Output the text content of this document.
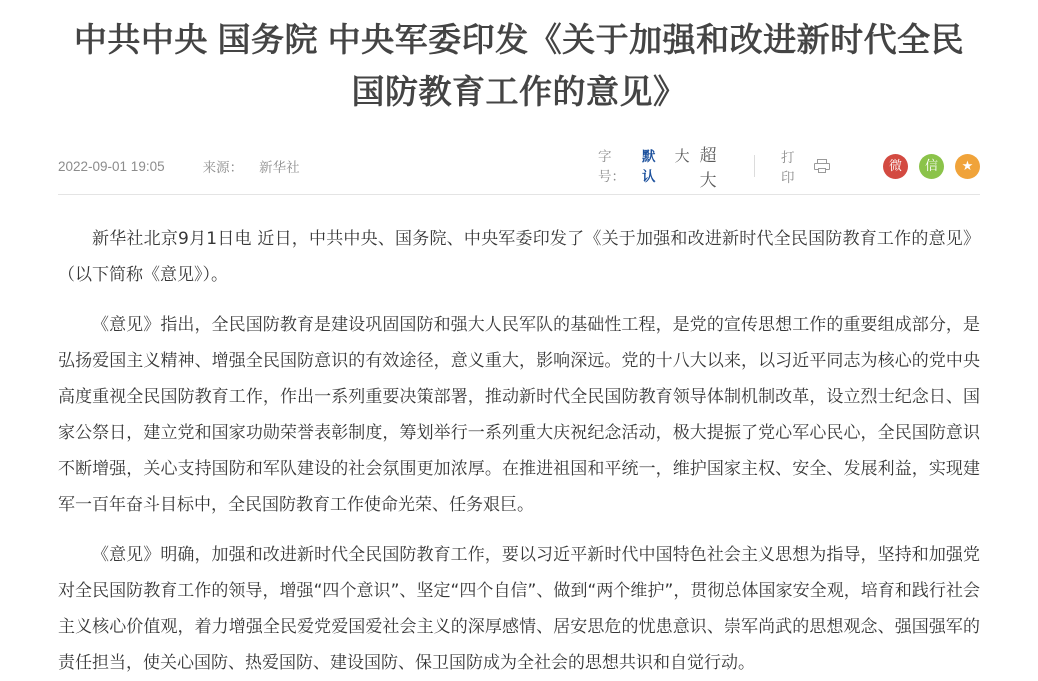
中共中央 国务院 中央军委印发《关于加强和改进新时代全民国防教育工作的意见》
2022-09-01 19:05	来源： 新华社
字号：
默认
大 超大
打印
微	信	★

新华社北京9月1日电 近日，中共中央、国务院、中央军委印发了《关于加强和改进新时代全民国防教育工作的意见》（以下简称《意见》）。

《意见》指出，全民国防教育是建设巩固国防和强大人民军队的基础性工程，是党的宣传思想工作的重要组成部分，是弘扬爱国主义精神、增强全民国防意识的有效途径，意义重大，影响深远。党的十八大以来，以习近平同志为核心的党中央高度重视全民国防教育工作，作出一系列重要决策部署，推动新时代全民国防教育领导体制机制改革，设立烈士纪念日、国家公祭日，建立党和国家功勋荣誉表彰制度，筹划举行一系列重大庆祝纪念活动，极大提振了党心军心民心，全民国防意识不断增强，关心支持国防和军队建设的社会氛围更加浓厚。在推进祖国和平统一，维护国家主权、安全、发展利益，实现建军一百年奋斗目标中，全民国防教育工作使命光荣、任务艰巨。

《意见》明确，加强和改进新时代全民国防教育工作，要以习近平新时代中国特色社会主义思想为指导，坚持和加强党对全民国防教育工作的领导，增强“四个意识”、坚定“四个自信”、做到“两个维护”，贯彻总体国家安全观，培育和践行社会主义核心价值观，着力增强全民爱党爱国爱社会主义的深厚感情、居安思危的忧患意识、崇军尚武的思想观念、强国强军的责任担当，使关心国防、热爱国防、建设国防、保卫国防成为全社会的思想共识和自觉行动。
